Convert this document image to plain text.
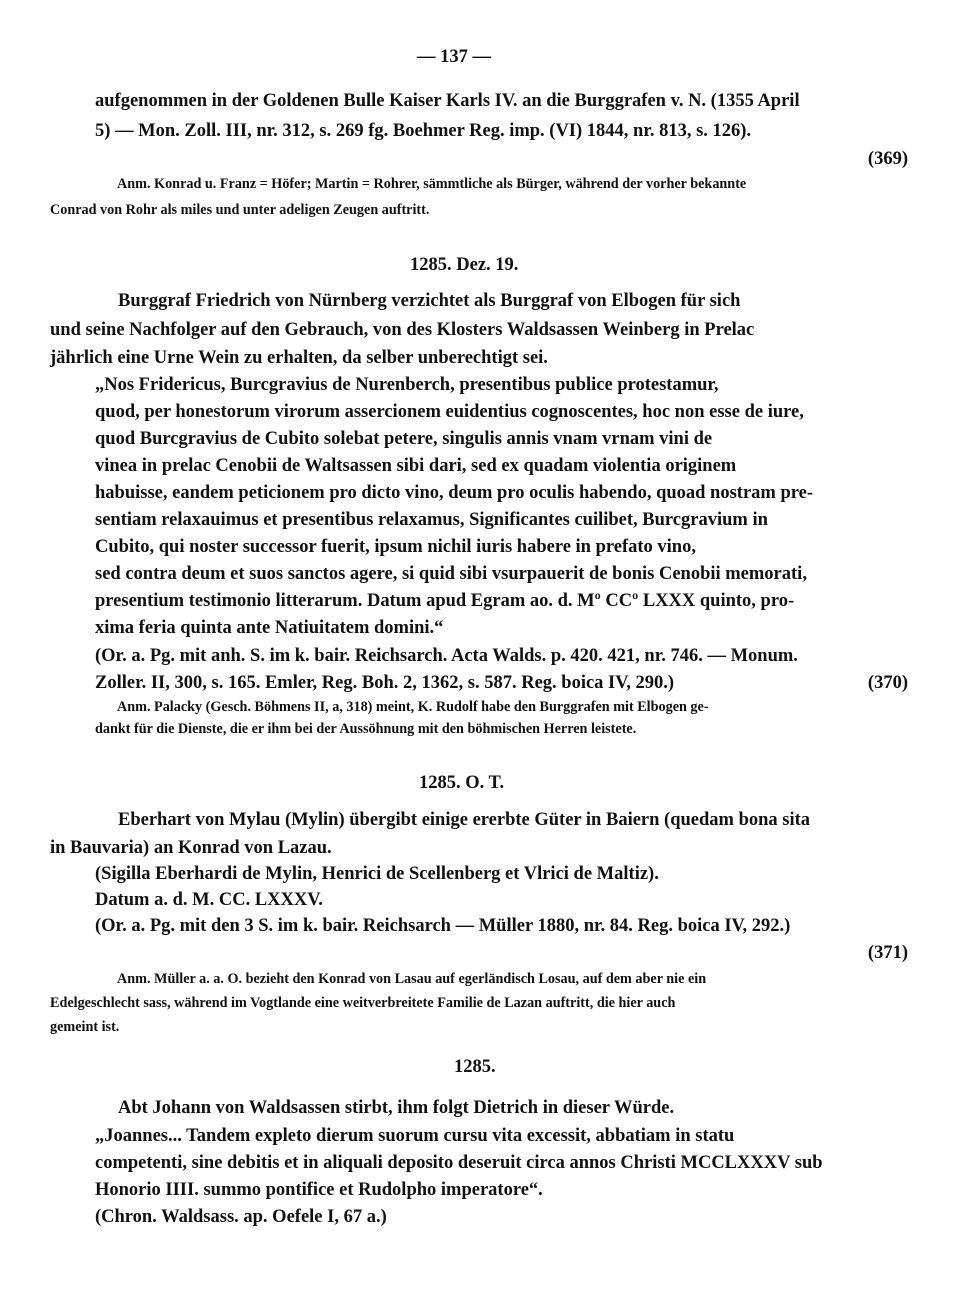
— 137 —
aufgenommen in der Goldenen Bulle Kaiser Karls IV. an die Burggrafen v. N. (1355 April
5) — Mon. Zoll. III, nr. 312, s. 269 fg. Boehmer Reg. imp. (VI) 1844, nr. 813, s. 126).
(369)
Anm. Konrad u. Franz = Höfer; Martin = Rohrer, sämmtliche als Bürger, während der vorher bekannte
Conrad von Rohr als miles und unter adeligen Zeugen auftritt.
1285. Dez. 19.
Burggraf Friedrich von Nürnberg verzichtet als Burggraf von Elbogen für sich
und seine Nachfolger auf den Gebrauch, von des Klosters Waldsassen Weinberg in Prelac
jährlich eine Urne Wein zu erhalten, da selber unberechtigt sei.
„Nos Fridericus, Burcgravius de Nurenberch, presentibus publice protestamur,
quod, per honestorum virorum assercionem euidentius cognoscentes, hoc non esse de iure,
quod Burcgravius de Cubito solebat petere, singulis annis vnam vrnam vini de
vinea in prelac Cenobii de Waltsassen sibi dari, sed ex quadam violentia originem
habuisse, eandem peticionem pro dicto vino, deum pro oculis habendo, quoad nostram pre-
sentiam relaxauimus et presentibus relaxamus, Significantes cuilibet, Burcgravium in
Cubito, qui noster successor fuerit, ipsum nichil iuris habere in prefato vino,
sed contra deum et suos sanctos agere, si quid sibi vsurpauerit de bonis Cenobii memorati,
presentium testimonio litterarum. Datum apud Egram ao. d. Mº CCº LXXX quinto, pro-
xima feria quinta ante Natiuitatem domini.“
(Or. a. Pg. mit anh. S. im k. bair. Reichsarch. Acta Walds. p. 420. 421, nr. 746. — Monum.
Zoller. II, 300, s. 165. Emler, Reg. Boh. 2, 1362, s. 587. Reg. boica IV, 290.)	(370)
Anm. Palacky (Gesch. Böhmens II, a, 318) meint, K. Rudolf habe den Burggrafen mit Elbogen ge-
dankt für die Dienste, die er ihm bei der Aussöhnung mit den böhmischen Herren leistete.
1285. O. T.
Eberhart von Mylau (Mylin) übergibt einige ererbte Güter in Baiern (quedam bona sita
in Bauvaria) an Konrad von Lazau.
(Sigilla Eberhardi de Mylin, Henrici de Scellenberg et Vlrici de Maltiz).
Datum a. d. M. CC. LXXXV.
(Or. a. Pg. mit den 3 S. im k. bair. Reichsarch — Müller 1880, nr. 84. Reg. boica IV, 292.)
(371)
Anm. Müller a. a. O. bezieht den Konrad von Lasau auf egerländisch Losau, auf dem aber nie ein
Edelgeschlecht sass, während im Vogtlande eine weitverbreitete Familie de Lazan auftritt, die hier auch
gemeint ist.
1285.
Abt Johann von Waldsassen stirbt, ihm folgt Dietrich in dieser Würde.
„Joannes... Tandem expleto dierum suorum cursu vita excessit, abbatiam in statu
competenti, sine debitis et in aliquali deposito deseruit circa annos Christi MCCLXXXV sub
Honorio IIII. summo pontifice et Rudolpho imperatore“.
(Chron. Waldsass. ap. Oefele I, 67 a.)
